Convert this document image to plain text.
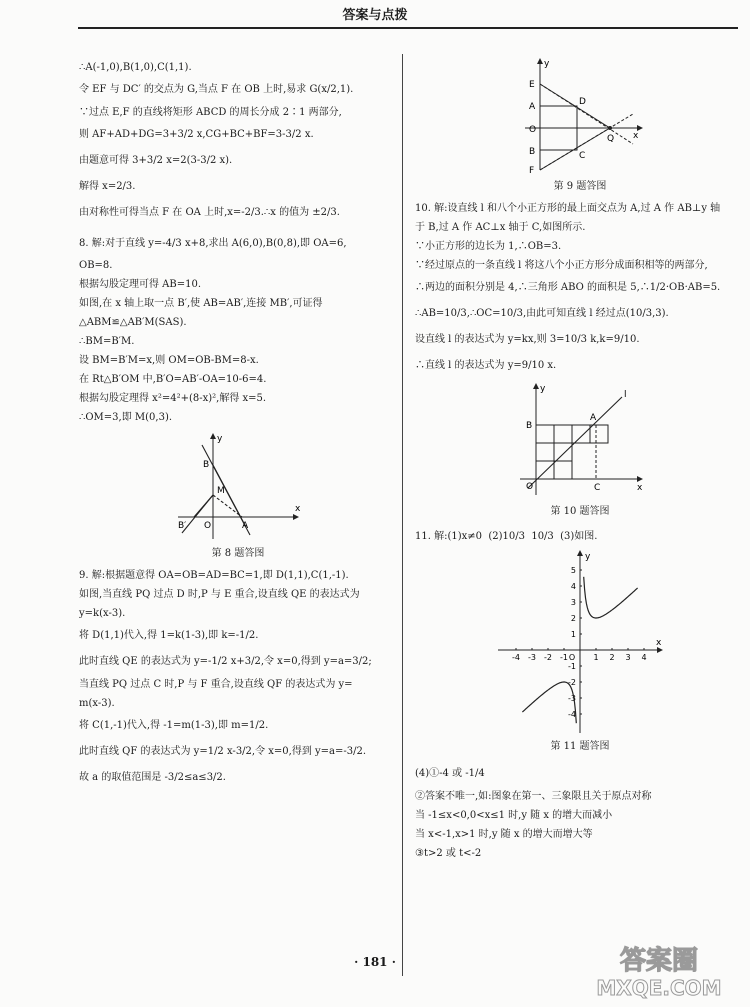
答案与点拨

∴A(-1,0),B(1,0),C(1,1).

令 EF 与 DC′ 的交点为 G,当点 F 在 OB 上时,易求 G(x/2,1).

∵过点 E,F 的直线将矩形 ABCD 的周长分成 2∶1 两部分,

则 AF+AD+DG=3+3/2 x,CG+BC+BF=3-3/2 x.

由题意可得 3+3/2 x=2(3-3/2 x).

解得 x=2/3.

由对称性可得当点 F 在 OA 上时,x=-2/3.∴x 的值为 ±2/3.

8. 解:对于直线 y=-4/3 x+8,求出 A(6,0),B(0,8),即 OA=6,

OB=8.

根据勾股定理可得 AB=10.

如图,在 x 轴上取一点 B′,使 AB=AB′,连接 MB′,可证得

△ABM≌△AB′M(SAS).

∴BM=B′M.

设 BM=B′M=x,则 OM=OB-BM=8-x.

在 Rt△B′OM 中,B′O=AB′-OA=10-6=4.

根据勾股定理得 x²=4²+(8-x)²,解得 x=5.

∴OM=3,即 M(0,3).

y
B
M
O
B′	A
x
第 8 题答图

9. 解:根据题意得 OA=OB=AD=BC=1,即 D(1,1),C(1,-1).

如图,当直线 PQ 过点 D 时,P 与 E 重合,设直线 QE 的表达式为

y=k(x-3).

将 D(1,1)代入,得 1=k(1-3),即 k=-1/2.

此时直线 QE 的表达式为 y=-1/2 x+3/2,令 x=0,得到 y=a=3/2;

当直线 PQ 过点 C 时,P 与 F 重合,设直线 QF 的表达式为 y=

m(x-3).

将 C(1,-1)代入,得 -1=m(1-3),即 m=1/2.

此时直线 QF 的表达式为 y=1/2 x-3/2,令 x=0,得到 y=a=-3/2.

故 a 的取值范围是 -3/2≤a≤3/2.

y
E
A	D
O
Q x
B	C
F
第 9 题答图

10. 解:设直线 l 和八个小正方形的最上面交点为 A,过 A 作 AB⊥y 轴

于 B,过 A 作 AC⊥x 轴于 C,如图所示.

∵小正方形的边长为 1,∴OB=3.

∵经过原点的一条直线 l 将这八个小正方形分成面积相等的两部分,

∴两边的面积分别是 4,∴三角形 ABO 的面积是 5,∴1/2·OB·AB=5.

∴AB=10/3,∴OC=10/3,由此可知直线 l 经过点(10/3,3).

设直线 l 的表达式为 y=kx,则 3=10/3 k,k=9/10.

∴直线 l 的表达式为 y=9/10 x.

y
B
A
l
O	C	x
第 10 题答图

11. 解:(1)x≠0  (2)10/3  10/3  (3)如图.

-4 -3 -2 -1 O 1 2 3 4
5
4
3
2
1
-1
-2
-3
-4
y
x
第 11 题答图

(4)①-4 或 -1/4

②答案不唯一,如:图象在第一、三象限且关于原点对称

当 -1≤x<0,0<x≤1 时,y 随 x 的增大而减小

当 x<-1,x>1 时,y 随 x 的增大而增大等

③t>2 或 t<-2

· 181 ·	答案圈
MXQE.COM
